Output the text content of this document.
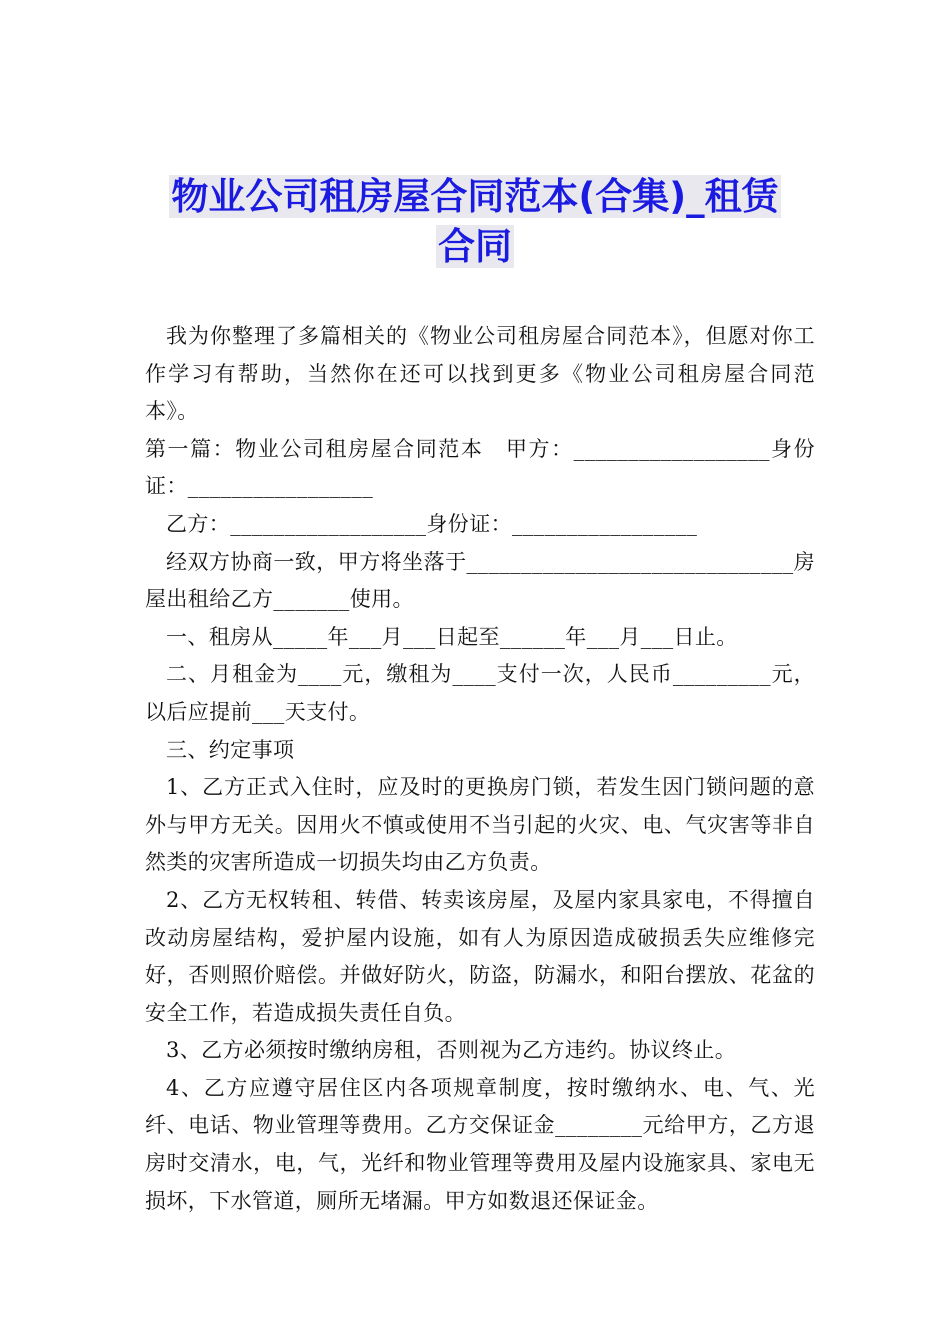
物业公司租房屋合同范本(合集)_租赁
合同

我为你整理了多篇相关的《物业公司租房屋合同范本》，但愿对你工作学习有帮助，当然你在还可以找到更多《物业公司租房屋合同范本》。

第一篇：物业公司租房屋合同范本　甲方：__________________身份证：_________________

乙方：__________________身份证：_________________

经双方协商一致，甲方将坐落于______________________________房屋出租给乙方_______使用。

一、租房从_____年___月___日起至______年___月___日止。

二、月租金为____元，缴租为____支付一次，人民币_________元，以后应提前___天支付。

三、约定事项

1、乙方正式入住时，应及时的更换房门锁，若发生因门锁问题的意外与甲方无关。因用火不慎或使用不当引起的火灾、电、气灾害等非自然类的灾害所造成一切损失均由乙方负责。

2、乙方无权转租、转借、转卖该房屋，及屋内家具家电，不得擅自改动房屋结构，爱护屋内设施，如有人为原因造成破损丢失应维修完好，否则照价赔偿。并做好防火，防盗，防漏水，和阳台摆放、花盆的安全工作，若造成损失责任自负。

3、乙方必须按时缴纳房租，否则视为乙方违约。协议终止。

4、乙方应遵守居住区内各项规章制度，按时缴纳水、电、气、光纤、电话、物业管理等费用。乙方交保证金________元给甲方，乙方退房时交清水，电，气，光纤和物业管理等费用及屋内设施家具、家电无损坏，下水管道，厕所无堵漏。甲方如数退还保证金。
